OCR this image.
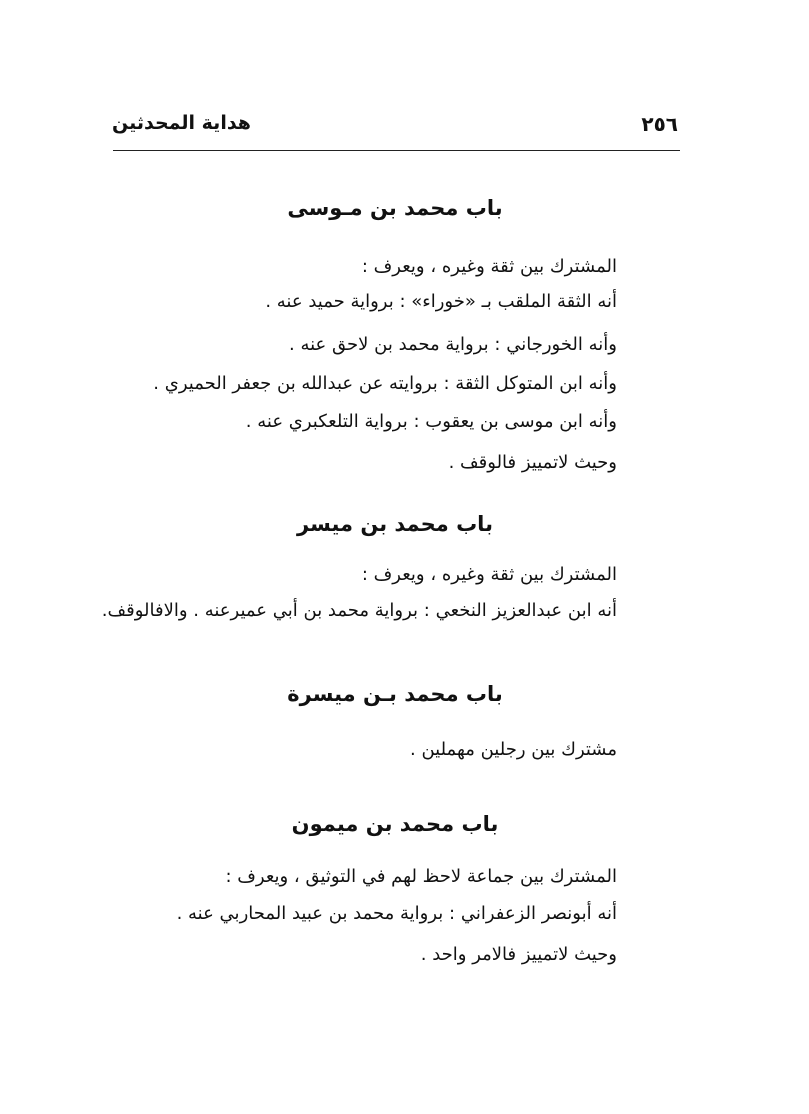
٢٥٦
هداية المحدثين
باب محمد بن مـوسى

المشترك بين ثقة وغيره ، ويعرف :

أنه الثقة الملقب بـ «خوراء» : برواية حميد عنه .

وأنه الخورجاني : برواية محمد بن لاحق عنه .

وأنه ابن المتوكل الثقة : بروايته عن عبدالله بن جعفر الحميري .

وأنه ابن موسى بن يعقوب : برواية التلعكبري عنه .

وحيث لاتمييز فالوقف .

باب محمد بن ميسر

المشترك بين ثقة وغيره ، ويعرف :

أنه ابن عبدالعزيز النخعي : برواية محمد بن أبي عميرعنه . والافالوقف.

باب محمد بـن ميسرة

مشترك بين رجلين مهملين .

باب محمد بن ميمون

المشترك بين جماعة لاحظ لهم في التوثيق ، ويعرف :

أنه أبونصر الزعفراني : برواية محمد بن عبيد المحاربي عنه .

وحيث لاتمييز فالامر واحد .
